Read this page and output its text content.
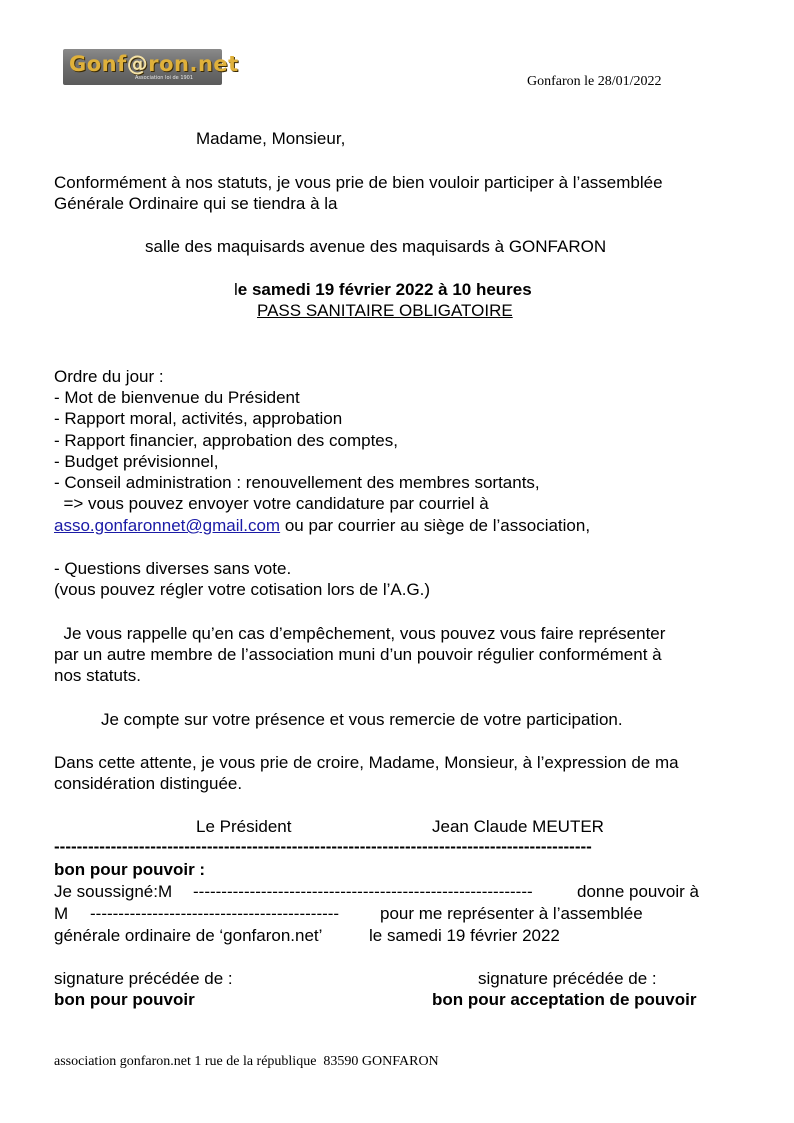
Gonf@ron.net
Association loi de 1901	Gonfaron le 28/01/2022
Madame, Monsieur,
Conformément à nos statuts, je vous prie de bien vouloir participer à l’assemblée
Générale Ordinaire qui se tiendra à la
salle des maquisards avenue des maquisards à GONFARON
le samedi 19 février 2022 à 10 heures
PASS SANITAIRE OBLIGATOIRE
Ordre du jour :
- Mot de bienvenue du Président
- Rapport moral, activités, approbation
- Rapport financier, approbation des comptes,
- Budget prévisionnel,
- Conseil administration : renouvellement des membres sortants,
=> vous pouvez envoyer votre candidature par courriel à
asso.gonfaronnet@gmail.com ou par courrier au siège de l’association,
- Questions diverses sans vote.
(vous pouvez régler votre cotisation lors de l’A.G.)
Je vous rappelle qu’en cas d’empêchement, vous pouvez vous faire représenter
par un autre membre de l’association muni d’un pouvoir régulier conformément à
nos statuts.
Je compte sur votre présence et vous remercie de votre participation.
Dans cette attente, je vous prie de croire, Madame, Monsieur, à l’expression de ma
considération distinguée.
Le Président	Jean Claude MEUTER
-----------------------------------------------------------------------------------------------
bon pour pouvoir :
Je soussigné:M ------------------------------------------------------------	donne pouvoir à
M --------------------------------------------	pour me représenter à l’assemblée
générale ordinaire de ‘gonfaron.net’	le samedi 19 février 2022
signature précédée de :
bon pour pouvoir
signature précédée de :
bon pour acceptation de pouvoir
association gonfaron.net 1 rue de la république  83590 GONFARON
